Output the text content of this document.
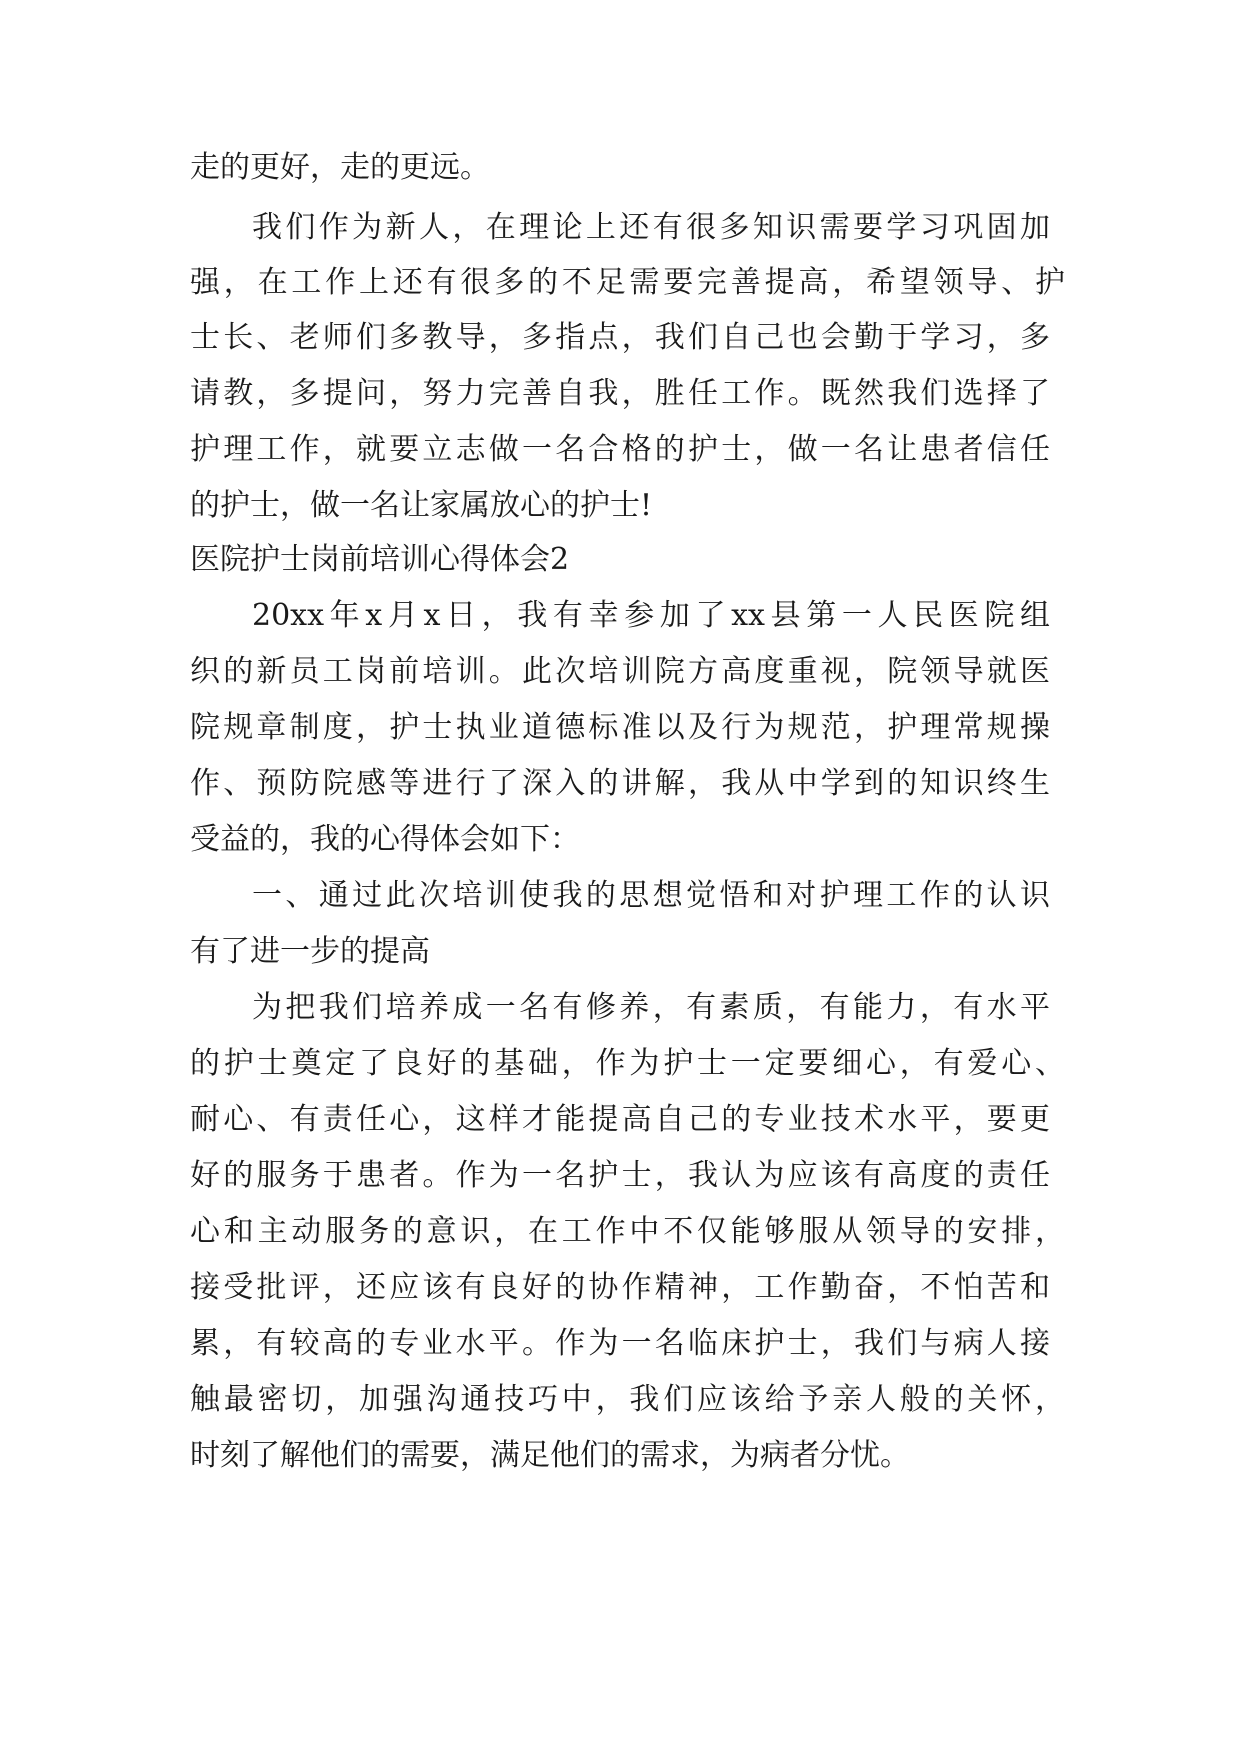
走的更好，走的更远。

我们作为新人，在理论上还有很多知识需要学习巩固加

强，在工作上还有很多的不足需要完善提高，希望领导、护

士长、老师们多教导，多指点，我们自己也会勤于学习，多

请教，多提问，努力完善自我，胜任工作。既然我们选择了

护理工作，就要立志做一名合格的护士，做一名让患者信任

的护士，做一名让家属放心的护士!

医院护士岗前培训心得体会2

20xx年x月x日，我有幸参加了xx县第一人民医院组

织的新员工岗前培训。此次培训院方高度重视，院领导就医

院规章制度，护士执业道德标准以及行为规范，护理常规操

作、预防院感等进行了深入的讲解，我从中学到的知识终生

受益的，我的心得体会如下：

一、通过此次培训使我的思想觉悟和对护理工作的认识

有了进一步的提高

为把我们培养成一名有修养，有素质，有能力，有水平

的护士奠定了良好的基础，作为护士一定要细心，有爱心、

耐心、有责任心，这样才能提高自己的专业技术水平，要更

好的服务于患者。作为一名护士，我认为应该有高度的责任

心和主动服务的意识，在工作中不仅能够服从领导的安排，

接受批评，还应该有良好的协作精神，工作勤奋，不怕苦和

累，有较高的专业水平。作为一名临床护士，我们与病人接

触最密切，加强沟通技巧中，我们应该给予亲人般的关怀，

时刻了解他们的需要，满足他们的需求，为病者分忧。
